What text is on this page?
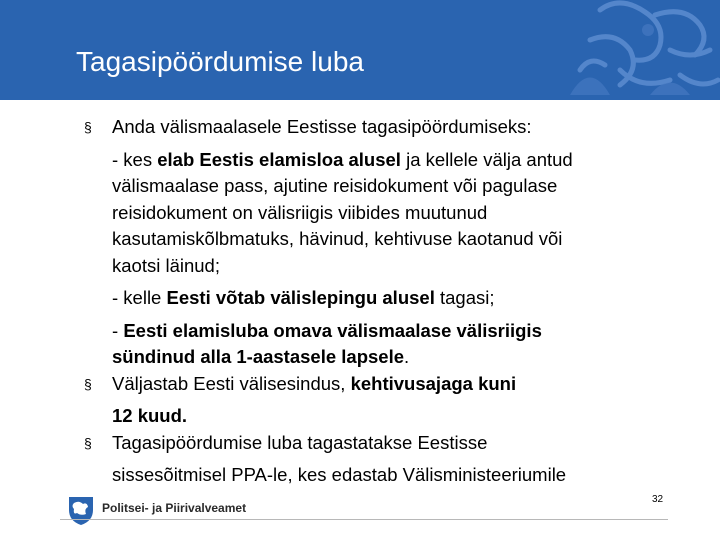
Tagasipöördumise luba
§ Anda välismaalasele Eestisse tagasipöördumiseks:
- kes elab Eestis elamisloa alusel ja kellele välja antud
välismaalase pass, ajutine reisidokument või pagulase
reisidokument on välisriigis viibides muutunud
kasutamiskõlbmatuks, hävinud, kehtivuse kaotanud või
kaotsi läinud;
- kelle Eesti võtab välislepingu alusel tagasi;
- Eesti elamisluba omava välismaalase välisriigis
sündinud alla 1-aastasele lapsele.
§ Väljastab Eesti välisesindus, kehtivusajaga kuni
12 kuud.
§ Tagasipöördumise luba tagastatakse Eestisse
sissesõitmisel PPA-le, kes edastab Välisministeeriumile
Politsei- ja Piirivalveamet
32
